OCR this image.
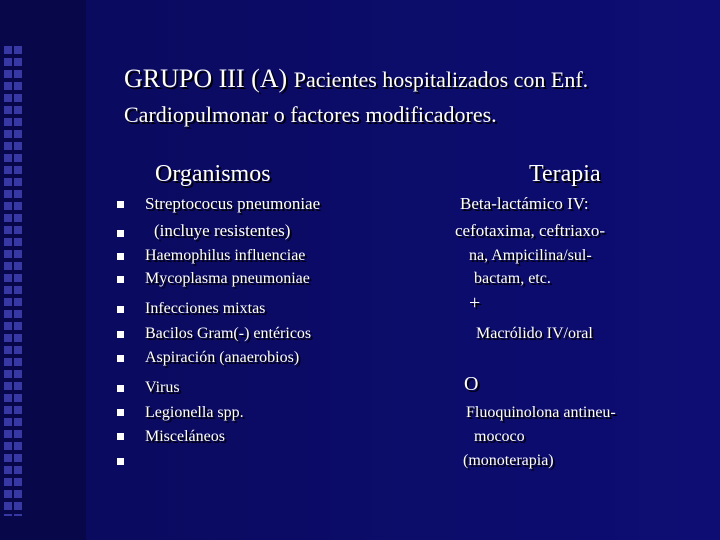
GRUPO III (A) Pacientes hospitalizados con Enf.
Cardiopulmonar o factores modificadores.
Organismos	Terapia
Streptococus pneumoniae
(incluye resistentes)
Haemophilus influenciae
Mycoplasma pneumoniae
Infecciones mixtas
Bacilos Gram(-) entéricos
Aspiración (anaerobios)
Virus
Legionella spp.
Misceláneos
Beta-lactámico IV:
cefotaxima, ceftriaxo-
na, Ampicilina/sul-
bactam, etc.
+
Macrólido IV/oral
O
Fluoquinolona antineu-
mococo
(monoterapia)
